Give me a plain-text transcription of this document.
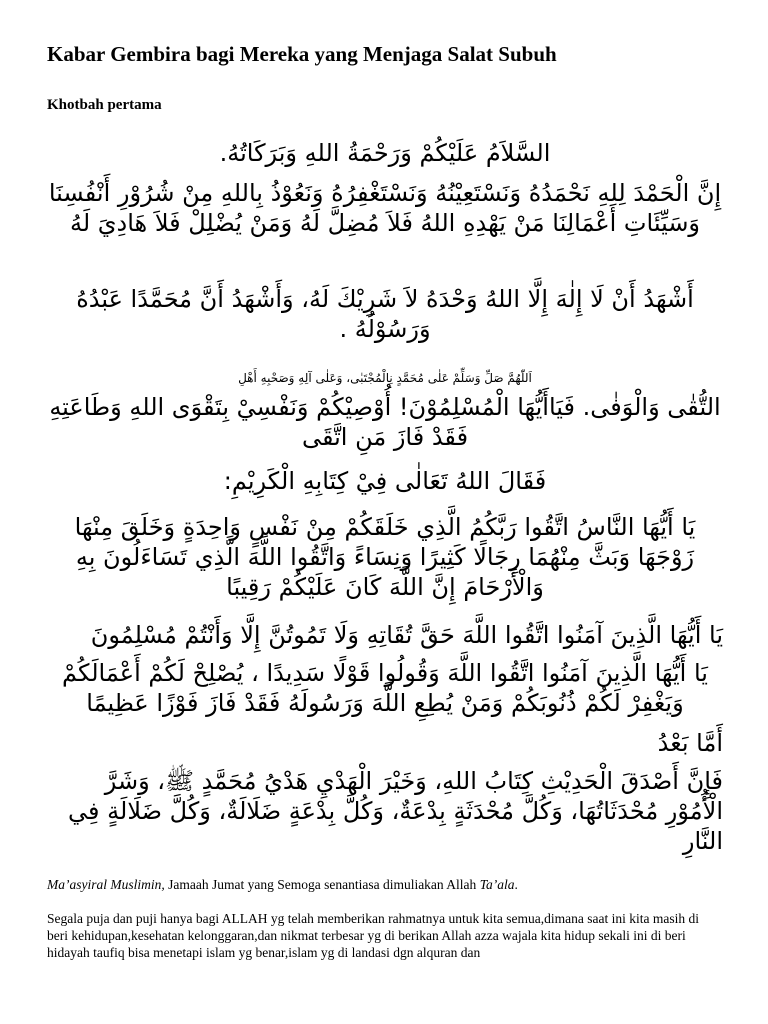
Kabar Gembira bagi Mereka yang Menjaga Salat Subuh
Khotbah pertama
السَّلاَمُ عَلَيْكُمْ وَرَحْمَةُ اللهِ وَبَرَكَاتُهُ.
إِنَّ الْحَمْدَ لِلهِ نَحْمَدُهُ وَنَسْتَعِيْنُهُ وَنَسْتَغْفِرُهُ وَنَعُوْذُ بِاللهِ مِنْ شُرُوْرِ أَنْفُسِنَا وَسَيِّئَاتِ أَعْمَالِنَا مَنْ يَهْدِهِ اللهُ فَلاَ مُضِلَّ لَهُ وَمَنْ يُضْلِلْ فَلاَ هَادِيَ لَهُ
أَشْهَدُ أَنْ لَا إِلٰهَ إِلَّا اللهُ وَحْدَهُ لاَ شَرِيْكَ لَهُ، وَأَشْهَدُ أَنَّ مُحَمَّدًا عَبْدُهُ وَرَسُوْلُهُ .
اَللّٰهُمَّ صَلِّ وَسَلِّمْ عَلٰى مُحَمَّدٍ نِالْمُجْتَبٰى، وَعَلٰى آلِهِ وَصَحْبِهِ أَهْلِ
التُّقٰى وَالْوَفٰى. فَيَاأَيُّهَا الْمُسْلِمُوْنَ! أُوْصِيْكُمْ وَنَفْسِيْ بِتَقْوَى اللهِ وَطَاعَتِهِ فَقَدْ فَازَ مَنِ اتَّقَى
فَقَالَ اللهُ تَعَالٰى فِيْ كِتَابِهِ الْكَرِيْمِ:
يَا أَيُّهَا النَّاسُ اتَّقُوا رَبَّكُمُ الَّذِي خَلَقَكُمْ مِنْ نَفْسٍ وَاحِدَةٍ وَخَلَقَ مِنْهَا زَوْجَهَا وَبَثَّ مِنْهُمَا رِجَالًا كَثِيرًا وَنِسَاءً وَاتَّقُوا اللَّهَ الَّذِي تَسَاءَلُونَ بِهِ وَالْأَرْحَامَ إِنَّ اللَّهَ كَانَ عَلَيْكُمْ رَقِيبًا
يَا أَيُّهَا الَّذِينَ آمَنُوا اتَّقُوا اللَّهَ حَقَّ تُقَاتِهِ وَلَا تَمُوتُنَّ إِلَّا وَأَنْتُمْ مُسْلِمُونَ
يَا أَيُّهَا الَّذِينَ آمَنُوا اتَّقُوا اللَّهَ وَقُولُوا قَوْلًا سَدِيدًا ، يُصْلِحْ لَكُمْ أَعْمَالَكُمْ وَيَغْفِرْ لَكُمْ ذُنُوبَكُمْ وَمَنْ يُطِعِ اللَّهَ وَرَسُولَهُ فَقَدْ فَازَ فَوْزًا عَظِيمًا
أَمَّا بَعْدُ
فَإِنَّ أَصْدَقَ الْحَدِيْثِ كِتَابُ اللهِ، وَخَيْرَ الْهَدْيِ هَدْيُ مُحَمَّدٍ ﷺ، وَشَرَّ الْأُمُوْرِ مُحْدَثَاتُهَا، وَكُلَّ مُحْدَثَةٍ بِدْعَةٌ، وَكُلَّ بِدْعَةٍ ضَلَالَةٌ، وَكُلَّ ضَلَالَةٍ فِي النَّارِ
Ma’asyiral Muslimin, Jamaah Jumat yang Semoga senantiasa dimuliakan Allah Ta’ala.
Segala puja dan puji hanya bagi ALLAH yg telah memberikan rahmatnya untuk kita semua,dimana saat ini kita masih di beri kehidupan,kesehatan kelonggaran,dan nikmat terbesar yg di berikan Allah azza wajala kita hidup sekali ini di beri hidayah taufiq bisa menetapi islam yg benar,islam yg di landasi dgn alquran dan
